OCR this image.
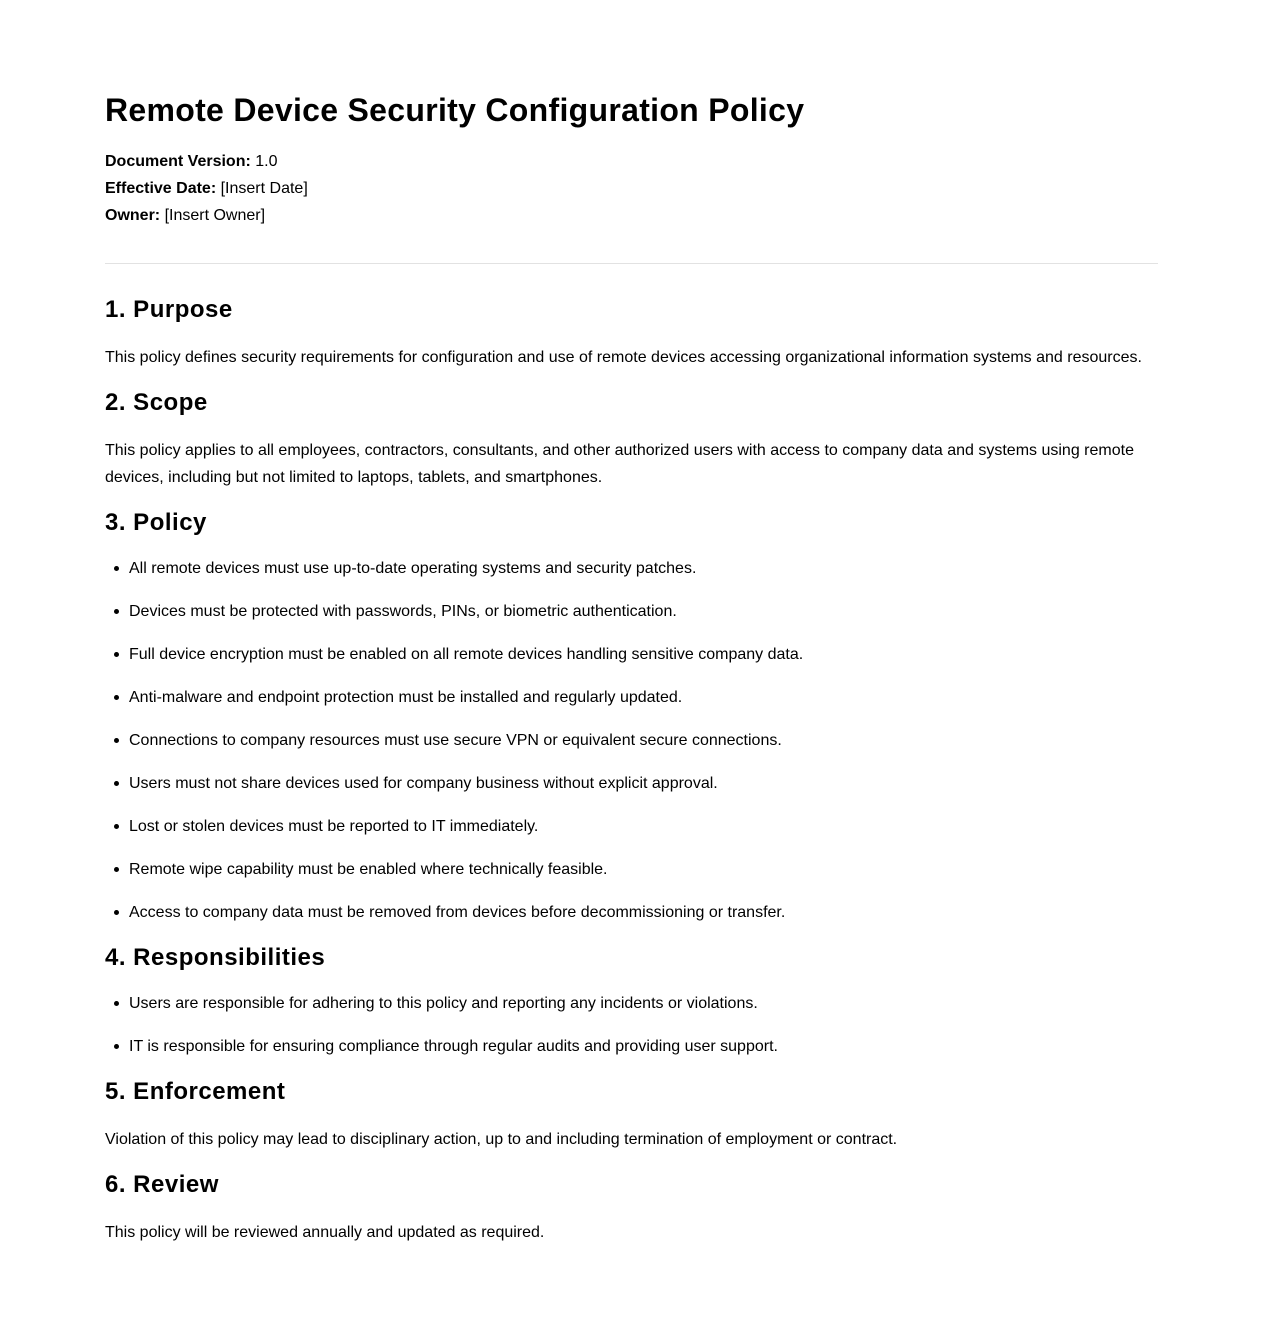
Remote Device Security Configuration Policy
Document Version: 1.0
Effective Date: [Insert Date]
Owner: [Insert Owner]
1. Purpose

This policy defines security requirements for configuration and use of remote devices accessing organizational information systems and resources.

2. Scope

This policy applies to all employees, contractors, consultants, and other authorized users with access to company data and systems using remote devices, including but not limited to laptops, tablets, and smartphones.

3. Policy
All remote devices must use up-to-date operating systems and security patches.
Devices must be protected with passwords, PINs, or biometric authentication.
Full device encryption must be enabled on all remote devices handling sensitive company data.
Anti-malware and endpoint protection must be installed and regularly updated.
Connections to company resources must use secure VPN or equivalent secure connections.
Users must not share devices used for company business without explicit approval.
Lost or stolen devices must be reported to IT immediately.
Remote wipe capability must be enabled where technically feasible.
Access to company data must be removed from devices before decommissioning or transfer.
4. Responsibilities
Users are responsible for adhering to this policy and reporting any incidents or violations.
IT is responsible for ensuring compliance through regular audits and providing user support.
5. Enforcement

Violation of this policy may lead to disciplinary action, up to and including termination of employment or contract.

6. Review

This policy will be reviewed annually and updated as required.
